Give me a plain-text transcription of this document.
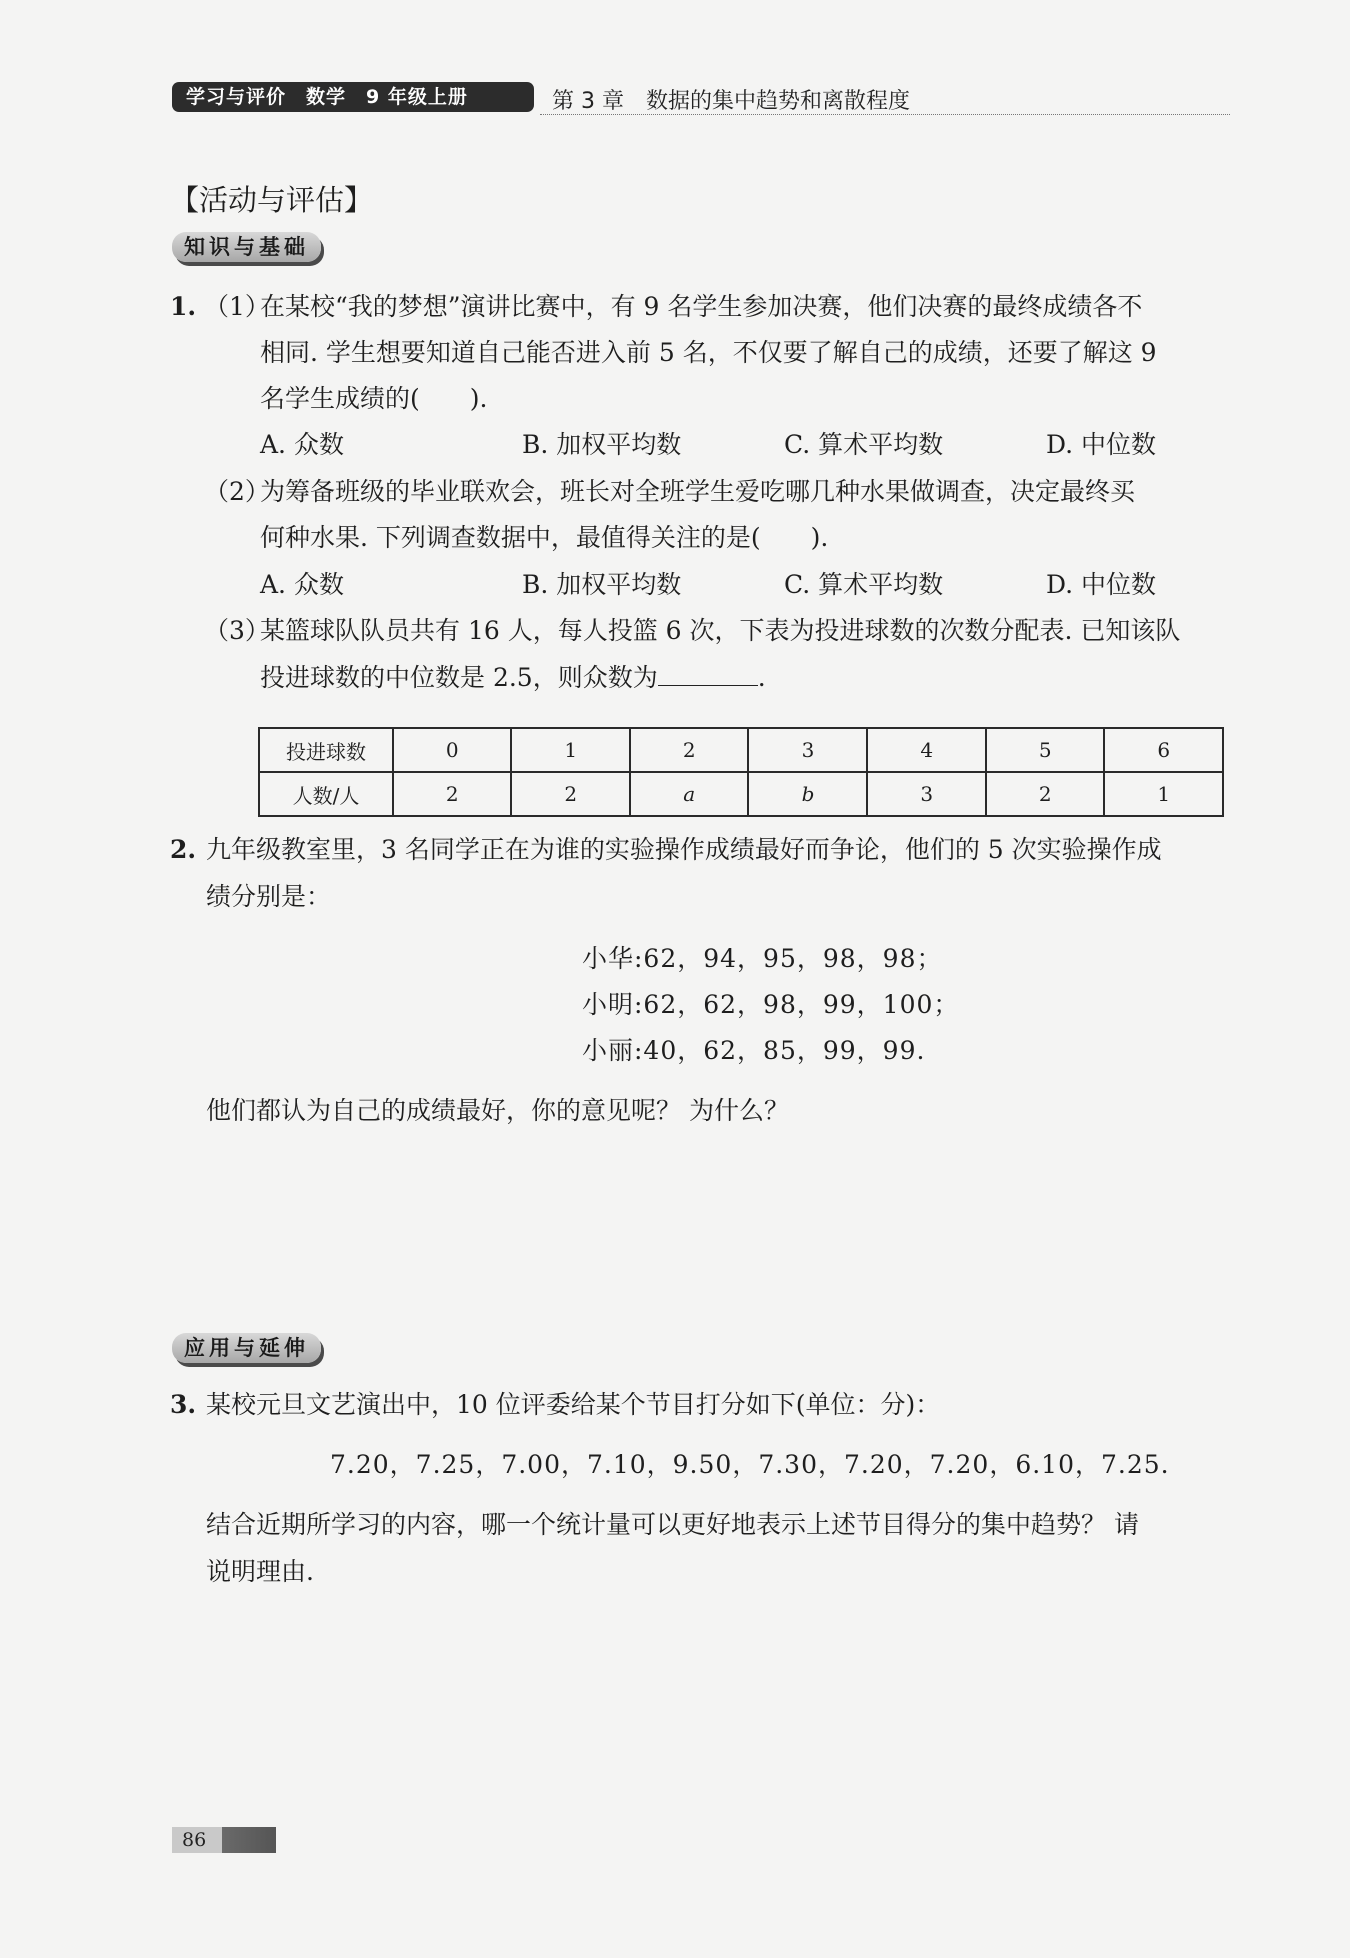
学习与评价 数学 9 年级上册	第 3 章 数据的集中趋势和离散程度
【活动与评估】
知识与基础
1. （1）
在某校“我的梦想”演讲比赛中，有 9 名学生参加决赛，他们决赛的最终成绩各不
相同. 学生想要知道自己能否进入前 5 名，不仅要了解自己的成绩，还要了解这 9
名学生成绩的(　　).
A. 众数	B. 加权平均数	C. 算术平均数	D. 中位数
（2）
为筹备班级的毕业联欢会，班长对全班学生爱吃哪几种水果做调查，决定最终买
何种水果. 下列调查数据中，最值得关注的是(　　).
A. 众数	B. 加权平均数	C. 算术平均数	D. 中位数
（3）
某篮球队队员共有 16 人，每人投篮 6 次，下表为投进球数的次数分配表. 已知该队
投进球数的中位数是 2.5，则众数为	.
投进球数	0	1	2	3	4	5	6
人数/人	2	2	a	b	3	2	1
2. 九年级教室里，3 名同学正在为谁的实验操作成绩最好而争论，他们的 5 次实验操作成
绩分别是：
小华:62，94，95，98，98；
小明:62，62，98，99，100；
小丽:40，62，85，99，99.
他们都认为自己的成绩最好，你的意见呢？ 为什么？
应用与延伸
3. 某校元旦文艺演出中，10 位评委给某个节目打分如下(单位：分)：
7.20，7.25，7.00，7.10，9.50，7.30，7.20，7.20，6.10，7.25.
结合近期所学习的内容，哪一个统计量可以更好地表示上述节目得分的集中趋势？ 请
说明理由.
86
